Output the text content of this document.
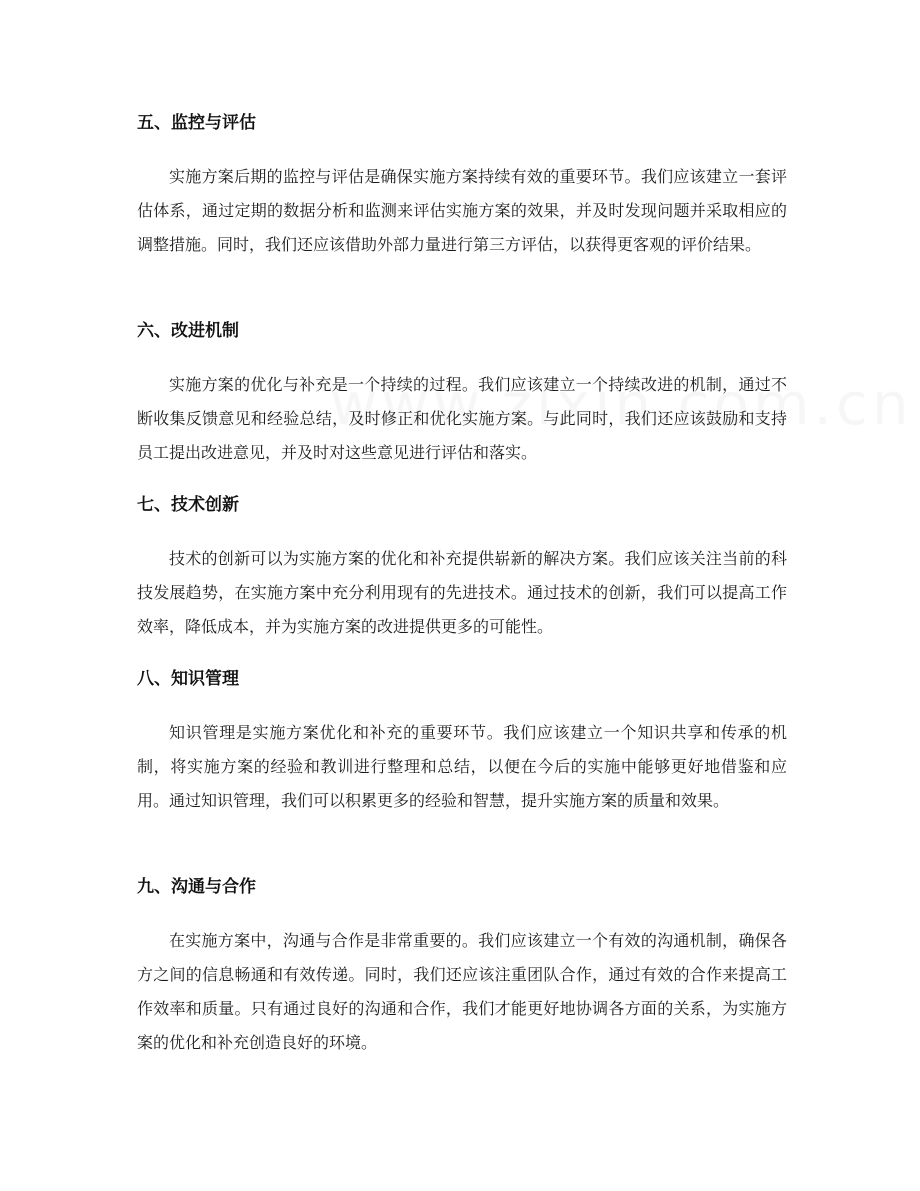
五、监控与评估

实施方案后期的监控与评估是确保实施方案持续有效的重要环节。我们应该建立一套评估体系，通过定期的数据分析和监测来评估实施方案的效果，并及时发现问题并采取相应的调整措施。同时，我们还应该借助外部力量进行第三方评估，以获得更客观的评价结果。

六、改进机制

实施方案的优化与补充是一个持续的过程。我们应该建立一个持续改进的机制，通过不断收集反馈意见和经验总结，及时修正和优化实施方案。与此同时，我们还应该鼓励和支持员工提出改进意见，并及时对这些意见进行评估和落实。

七、技术创新

技术的创新可以为实施方案的优化和补充提供崭新的解决方案。我们应该关注当前的科技发展趋势，在实施方案中充分利用现有的先进技术。通过技术的创新，我们可以提高工作效率，降低成本，并为实施方案的改进提供更多的可能性。

八、知识管理

知识管理是实施方案优化和补充的重要环节。我们应该建立一个知识共享和传承的机制，将实施方案的经验和教训进行整理和总结，以便在今后的实施中能够更好地借鉴和应用。通过知识管理，我们可以积累更多的经验和智慧，提升实施方案的质量和效果。

九、沟通与合作

在实施方案中，沟通与合作是非常重要的。我们应该建立一个有效的沟通机制，确保各方之间的信息畅通和有效传递。同时，我们还应该注重团队合作，通过有效的合作来提高工作效率和质量。只有通过良好的沟通和合作，我们才能更好地协调各方面的关系，为实施方案的优化和补充创造良好的环境。
